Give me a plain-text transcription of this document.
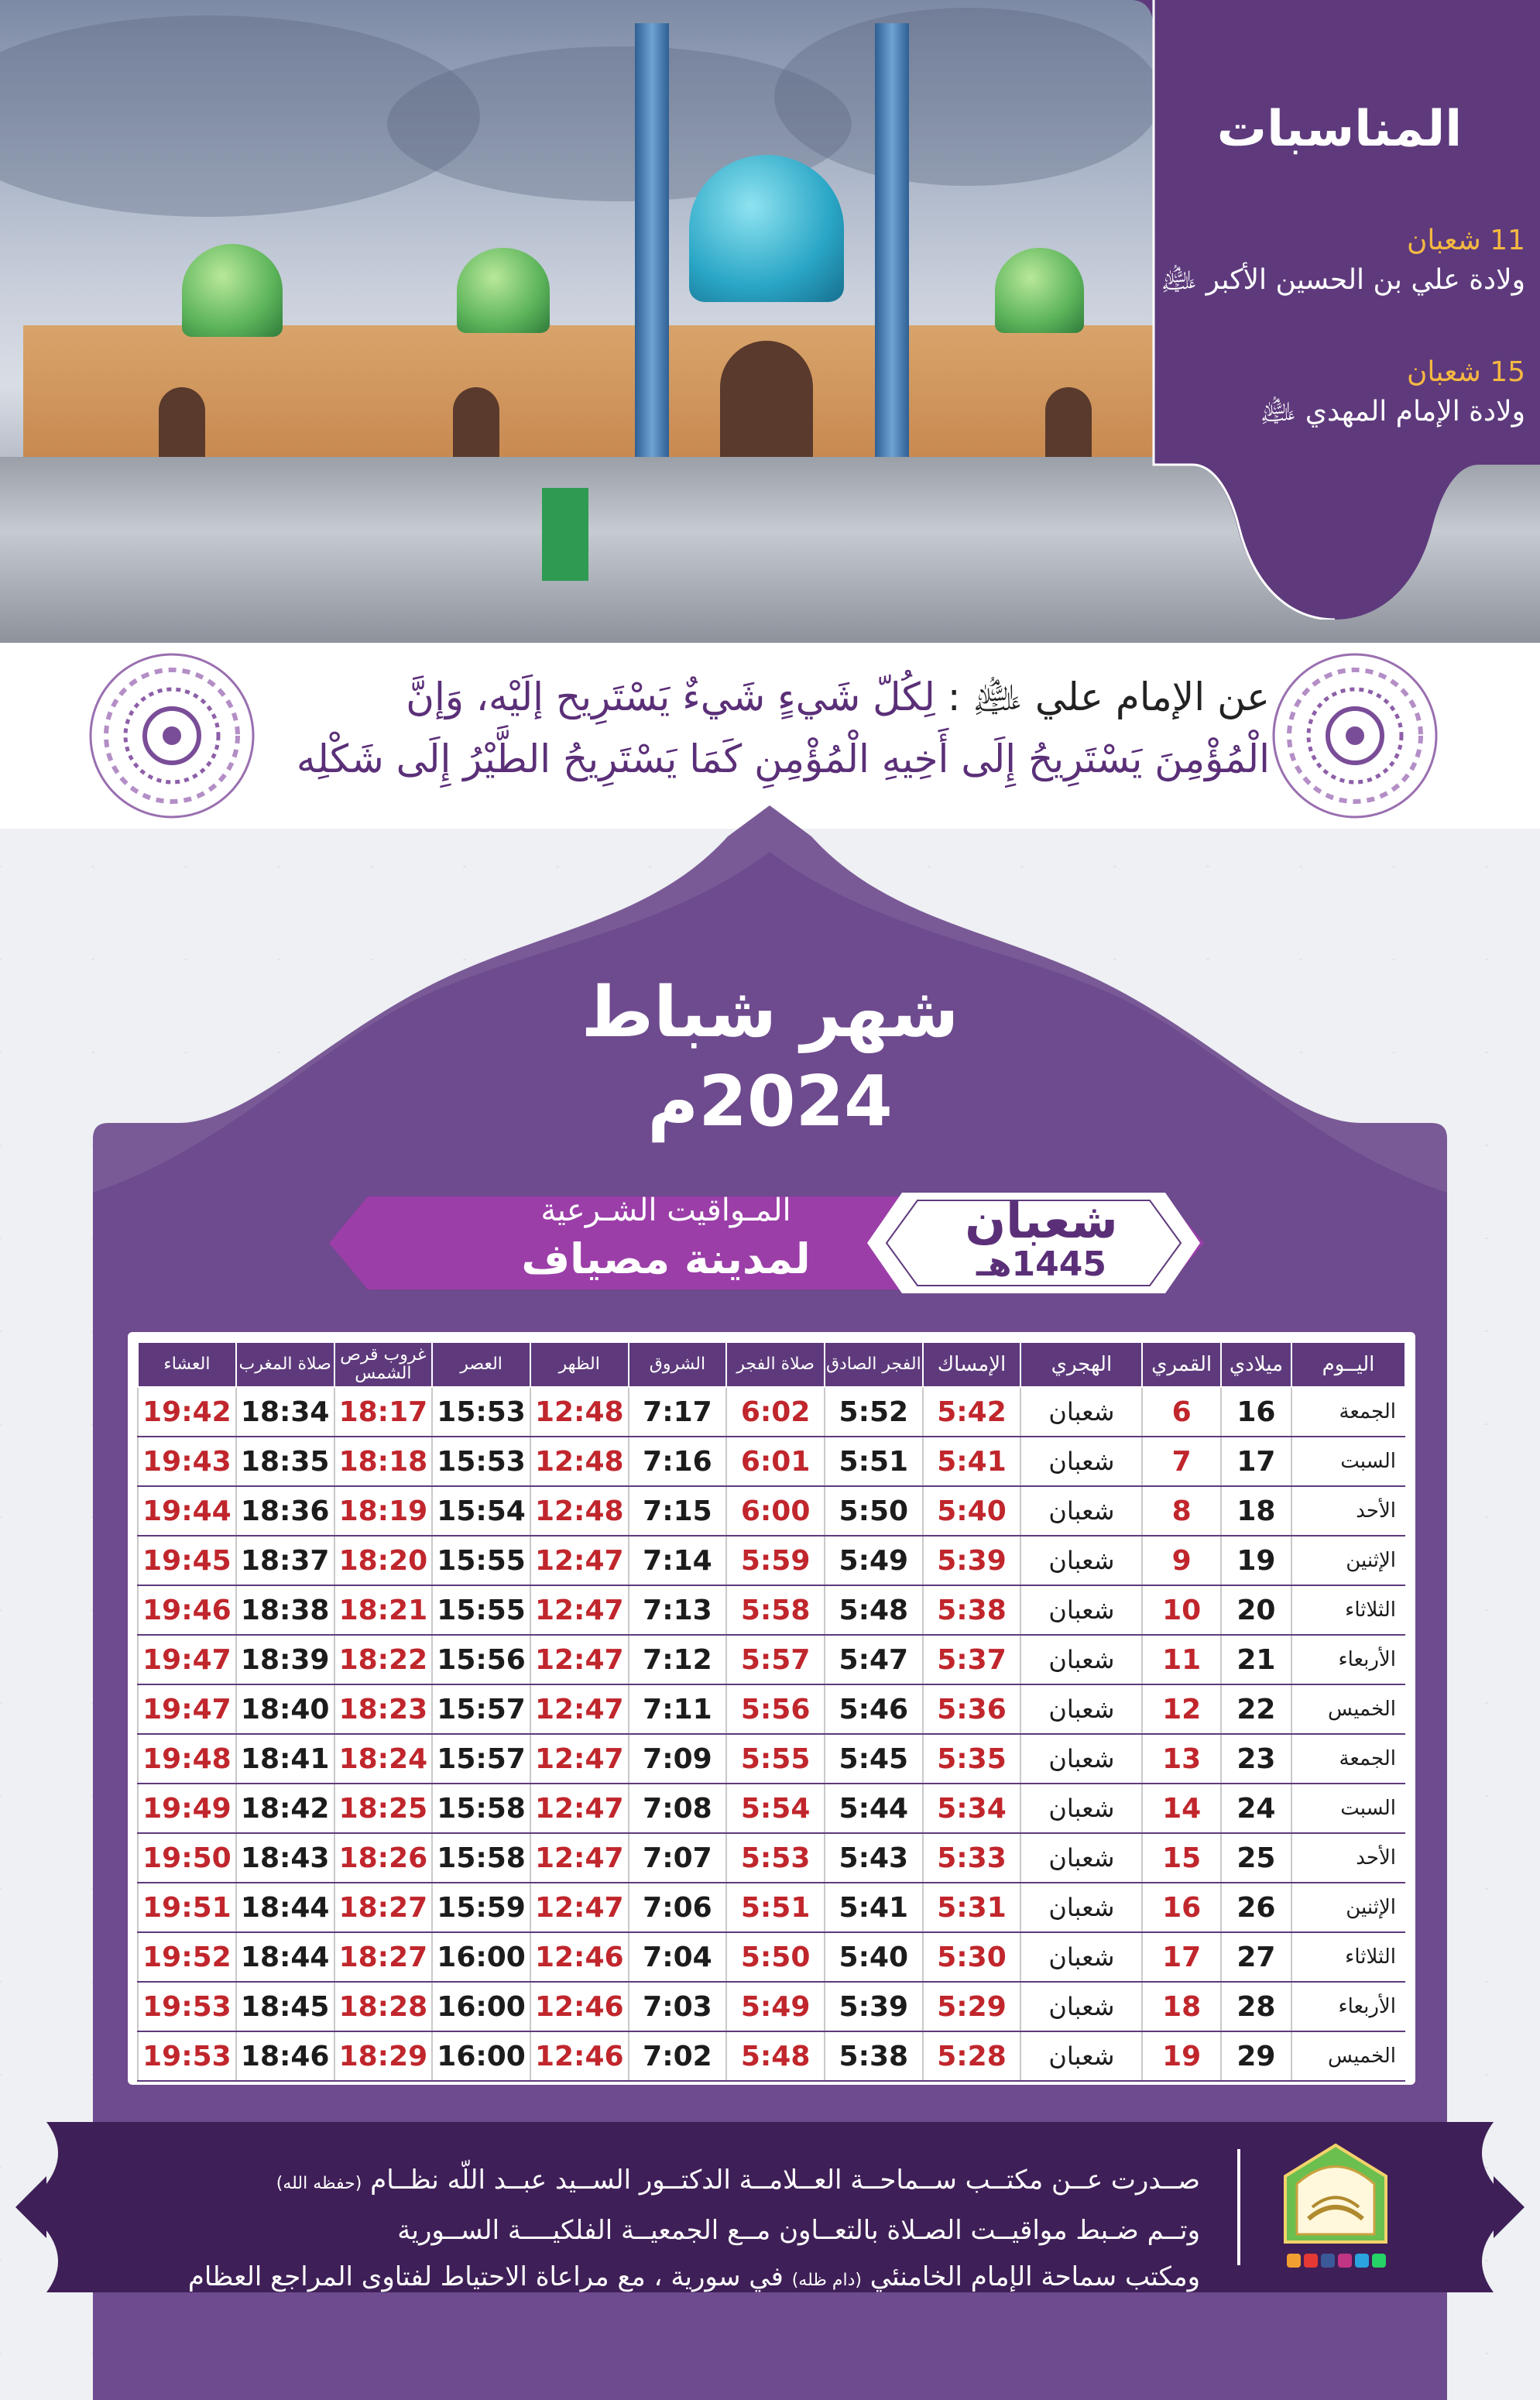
المناسبات
11 شعبان
ولادة علي بن الحسين الأكبر ﵇
15 شعبان
ولادة الإمام المهدي ﵇
عن الإمام علي ﵇ : لِكُلّ شَيءٍ شَيءٌ يَسْتَرِيح إلَيْه، وَإنَّ
الْمُؤْمِنَ يَسْتَرِيحُ إِلَى أَخِيهِ الْمُؤْمِنِ كَمَا يَسْتَرِيحُ الطَّيْرُ إِلَى شَكْلِه
شهر شباط
2024م
المـواقيت الشـرعية
لمدينة مصياف
شعبان
1445هـ
اليــوم	ميلادي	القمري	الهجري	الإمساك	الفجر الصادق	صلاة الفجر	الشروق	الظهر	العصر	غروب قرص الشمس	صلاة المغرب	العشاء
الجمعة	16	6	شعبان	5:42	5:52	6:02	7:17	12:48	15:53	18:17	18:34	19:42
السبت	17	7	شعبان	5:41	5:51	6:01	7:16	12:48	15:53	18:18	18:35	19:43
الأحد	18	8	شعبان	5:40	5:50	6:00	7:15	12:48	15:54	18:19	18:36	19:44
الإثنين	19	9	شعبان	5:39	5:49	5:59	7:14	12:47	15:55	18:20	18:37	19:45
الثلاثاء	20	10	شعبان	5:38	5:48	5:58	7:13	12:47	15:55	18:21	18:38	19:46
الأربعاء	21	11	شعبان	5:37	5:47	5:57	7:12	12:47	15:56	18:22	18:39	19:47
الخميس	22	12	شعبان	5:36	5:46	5:56	7:11	12:47	15:57	18:23	18:40	19:47
الجمعة	23	13	شعبان	5:35	5:45	5:55	7:09	12:47	15:57	18:24	18:41	19:48
السبت	24	14	شعبان	5:34	5:44	5:54	7:08	12:47	15:58	18:25	18:42	19:49
الأحد	25	15	شعبان	5:33	5:43	5:53	7:07	12:47	15:58	18:26	18:43	19:50
الإثنين	26	16	شعبان	5:31	5:41	5:51	7:06	12:47	15:59	18:27	18:44	19:51
الثلاثاء	27	17	شعبان	5:30	5:40	5:50	7:04	12:46	16:00	18:27	18:44	19:52
الأربعاء	28	18	شعبان	5:29	5:39	5:49	7:03	12:46	16:00	18:28	18:45	19:53
الخميس	29	19	شعبان	5:28	5:38	5:48	7:02	12:46	16:00	18:29	18:46	19:53
صــدرت عــن مكتــب ســماحــة العــلامــة الدكتــور الســيد عبــد اللّه نظــام (حفظه الله)
وتــم ضـبط مواقيــت الصـلاة بالتعــاون مــع الجمعيــة الفلكيــــة الســورية
ومكتب سماحة الإمام الخامنئي (دام ظله) في سورية ، مع مراعاة الاحتياط لفتاوى المراجع العظام
